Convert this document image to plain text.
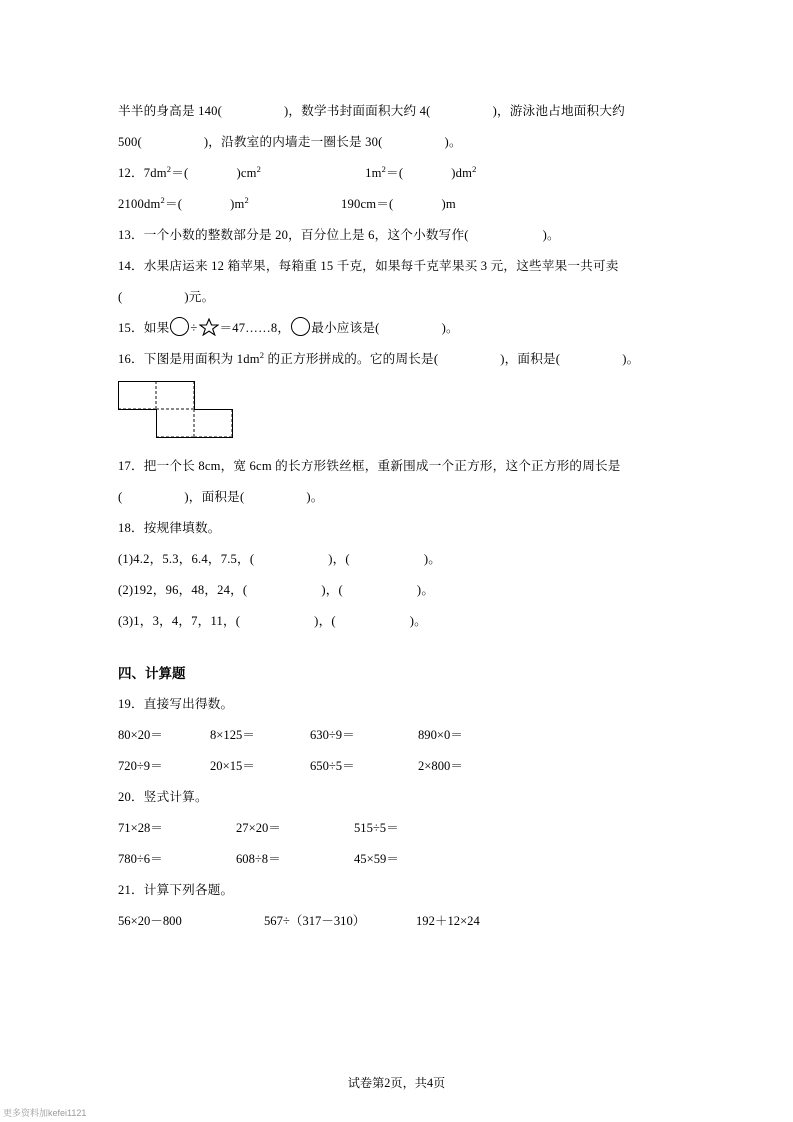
半半的身高是 140(	)，数学书封面面积大约 4(	)，游泳池占地面积大约
500(	)，沿教室的内墙走一圈长是 30(	)。
12．$7dm^2=$(	)$cm^2$	$1m^2=$(	)$dm^2$
$2100dm^2=$(	)$m^2$	190cm＝(	)m
13．一个小数的整数部分是 20，百分位上是 6，这个小数写作(	)。
14．水果店运来 12 箱苹果，每箱重 15 千克，如果每千克苹果买 3 元，这些苹果一共可卖
(	)元。
15．如果 ÷ ＝47……8， 最小应该是(	)。
16．下图是用面积为 $1dm^2$ 的正方形拼成的。它的周长是(	)，面积是(	)。
17．把一个长 8cm，宽 6cm 的长方形铁丝框，重新围成一个正方形，这个正方形的周长是
(	)，面积是(	)。
18．按规律填数。
(1)4.2，5.3，6.4，7.5，(	)，(	)。
(2)192，96，48，24，(	)，(	)。
(3)1，3，4，7，11，(	)，(	)。
四、计算题
19．直接写出得数。
80×20＝	8×125＝	630÷9＝	890×0＝
720÷9＝	20×15＝	650÷5＝	2×800＝
20．竖式计算。
71×28＝	27×20＝	515÷5＝
780÷6＝	608÷8＝	45×59＝
21．计算下列各题。
56×20－800	567÷（317－310）	192＋12×24
试卷第2页，共4页
更多资料加kefei1121
